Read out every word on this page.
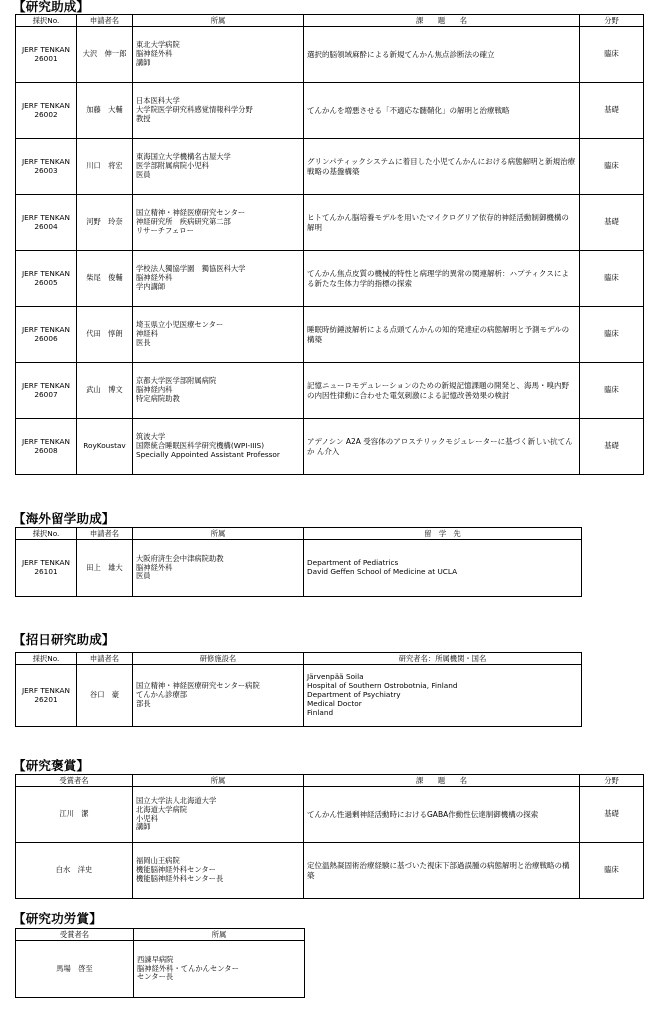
【研究助成】
採択No.	申請者名	所属	課　　題　　名	分野
JERF TENKAN
26001	大沢　伸一郎	東北大学病院
脳神経外科
講師	選択的脳領域麻酔による新規てんかん焦点診断法の確立	臨床
JERF TENKAN
26002	加藤　大輔	日本医科大学
大学院医学研究科感覚情報科学分野
教授	てんかんを増悪させる「不適応な髄鞘化」の解明と治療戦略	基礎
JERF TENKAN
26003	川口　将宏	東海国立大学機構名古屋大学
医学部附属病院小児科
医員	グリンパティックシステムに着目した小児てんかんにおける病態解明と新規治療戦略の基盤構築	臨床
JERF TENKAN
26004	河野　玲奈	国立精神・神経医療研究センター
神経研究所　疾病研究第二部
リサーチフェロー	ヒトてんかん脳培養モデルを用いたマイクログリア依存的神経活動制御機構の解明	基礎
JERF TENKAN
26005	柴尾　俊輔	学校法人獨協学園　獨協医科大学
脳神経外科
学内講師	てんかん焦点皮質の機械的特性と病理学的異常の関連解析：ハプティクスによる新たな生体力学的指標の探索	臨床
JERF TENKAN
26006	代田　惇朗	埼玉県立小児医療センター
神経科
医長	睡眠時紡錘波解析による点頭てんかんの知的発達症の病態解明と予測モデルの構築	臨床
JERF TENKAN
26007	武山　博文	京都大学医学部附属病院
脳神経内科
特定病院助教	記憶ニューロモデュレーションのための新規記憶課題の開発と、海馬・嗅内野の内因性律動に合わせた電気刺激による記憶改善効果の検討	臨床
JERF TENKAN
26008	RoyKoustav	筑波大学
国際統合睡眠医科学研究機構(WPI-IIIS)
Specially Appointed Assistant Professor	アデノシン A2A 受容体のアロステリックモジュレーターに基づく新しい抗てんか ん介入	基礎
【海外留学助成】
採択No.	申請者名	所属	留　学　先
JERF TENKAN
26101	田上　雄大	大阪府済生会中津病院助教
脳神経外科
医員	Department of Pediatrics
David Geffen School of Medicine at UCLA
【招日研究助成】
採択No.	申請者名	研修施設名	研究者名：所属機関・国名
JERF TENKAN
26201	谷口　豪	国立精神・神経医療研究センター病院
てんかん診療部
部長	Järvenpää Soila
Hospital of Southern Ostrobotnia, Finland
Department of Psychiatry
Medical Doctor
Finland
【研究褒賞】
受賞者名	所属	課　　題　　名	分野
江川　潔	国立大学法人北海道大学
北海道大学病院
小児科
講師	てんかん性過剰神経活動時におけるGABA作動性伝達制御機構の探索	基礎
白水　洋史	福岡山王病院
機能脳神経外科センター
機能脳神経外科センター長	定位温熱凝固術治療経験に基づいた視床下部過誤腫の病態解明と治療戦略の構築	臨床
【研究功労賞】
受賞者名	所属
馬場　啓至	西諫早病院
脳神経外科・てんかんセンター
センター長
